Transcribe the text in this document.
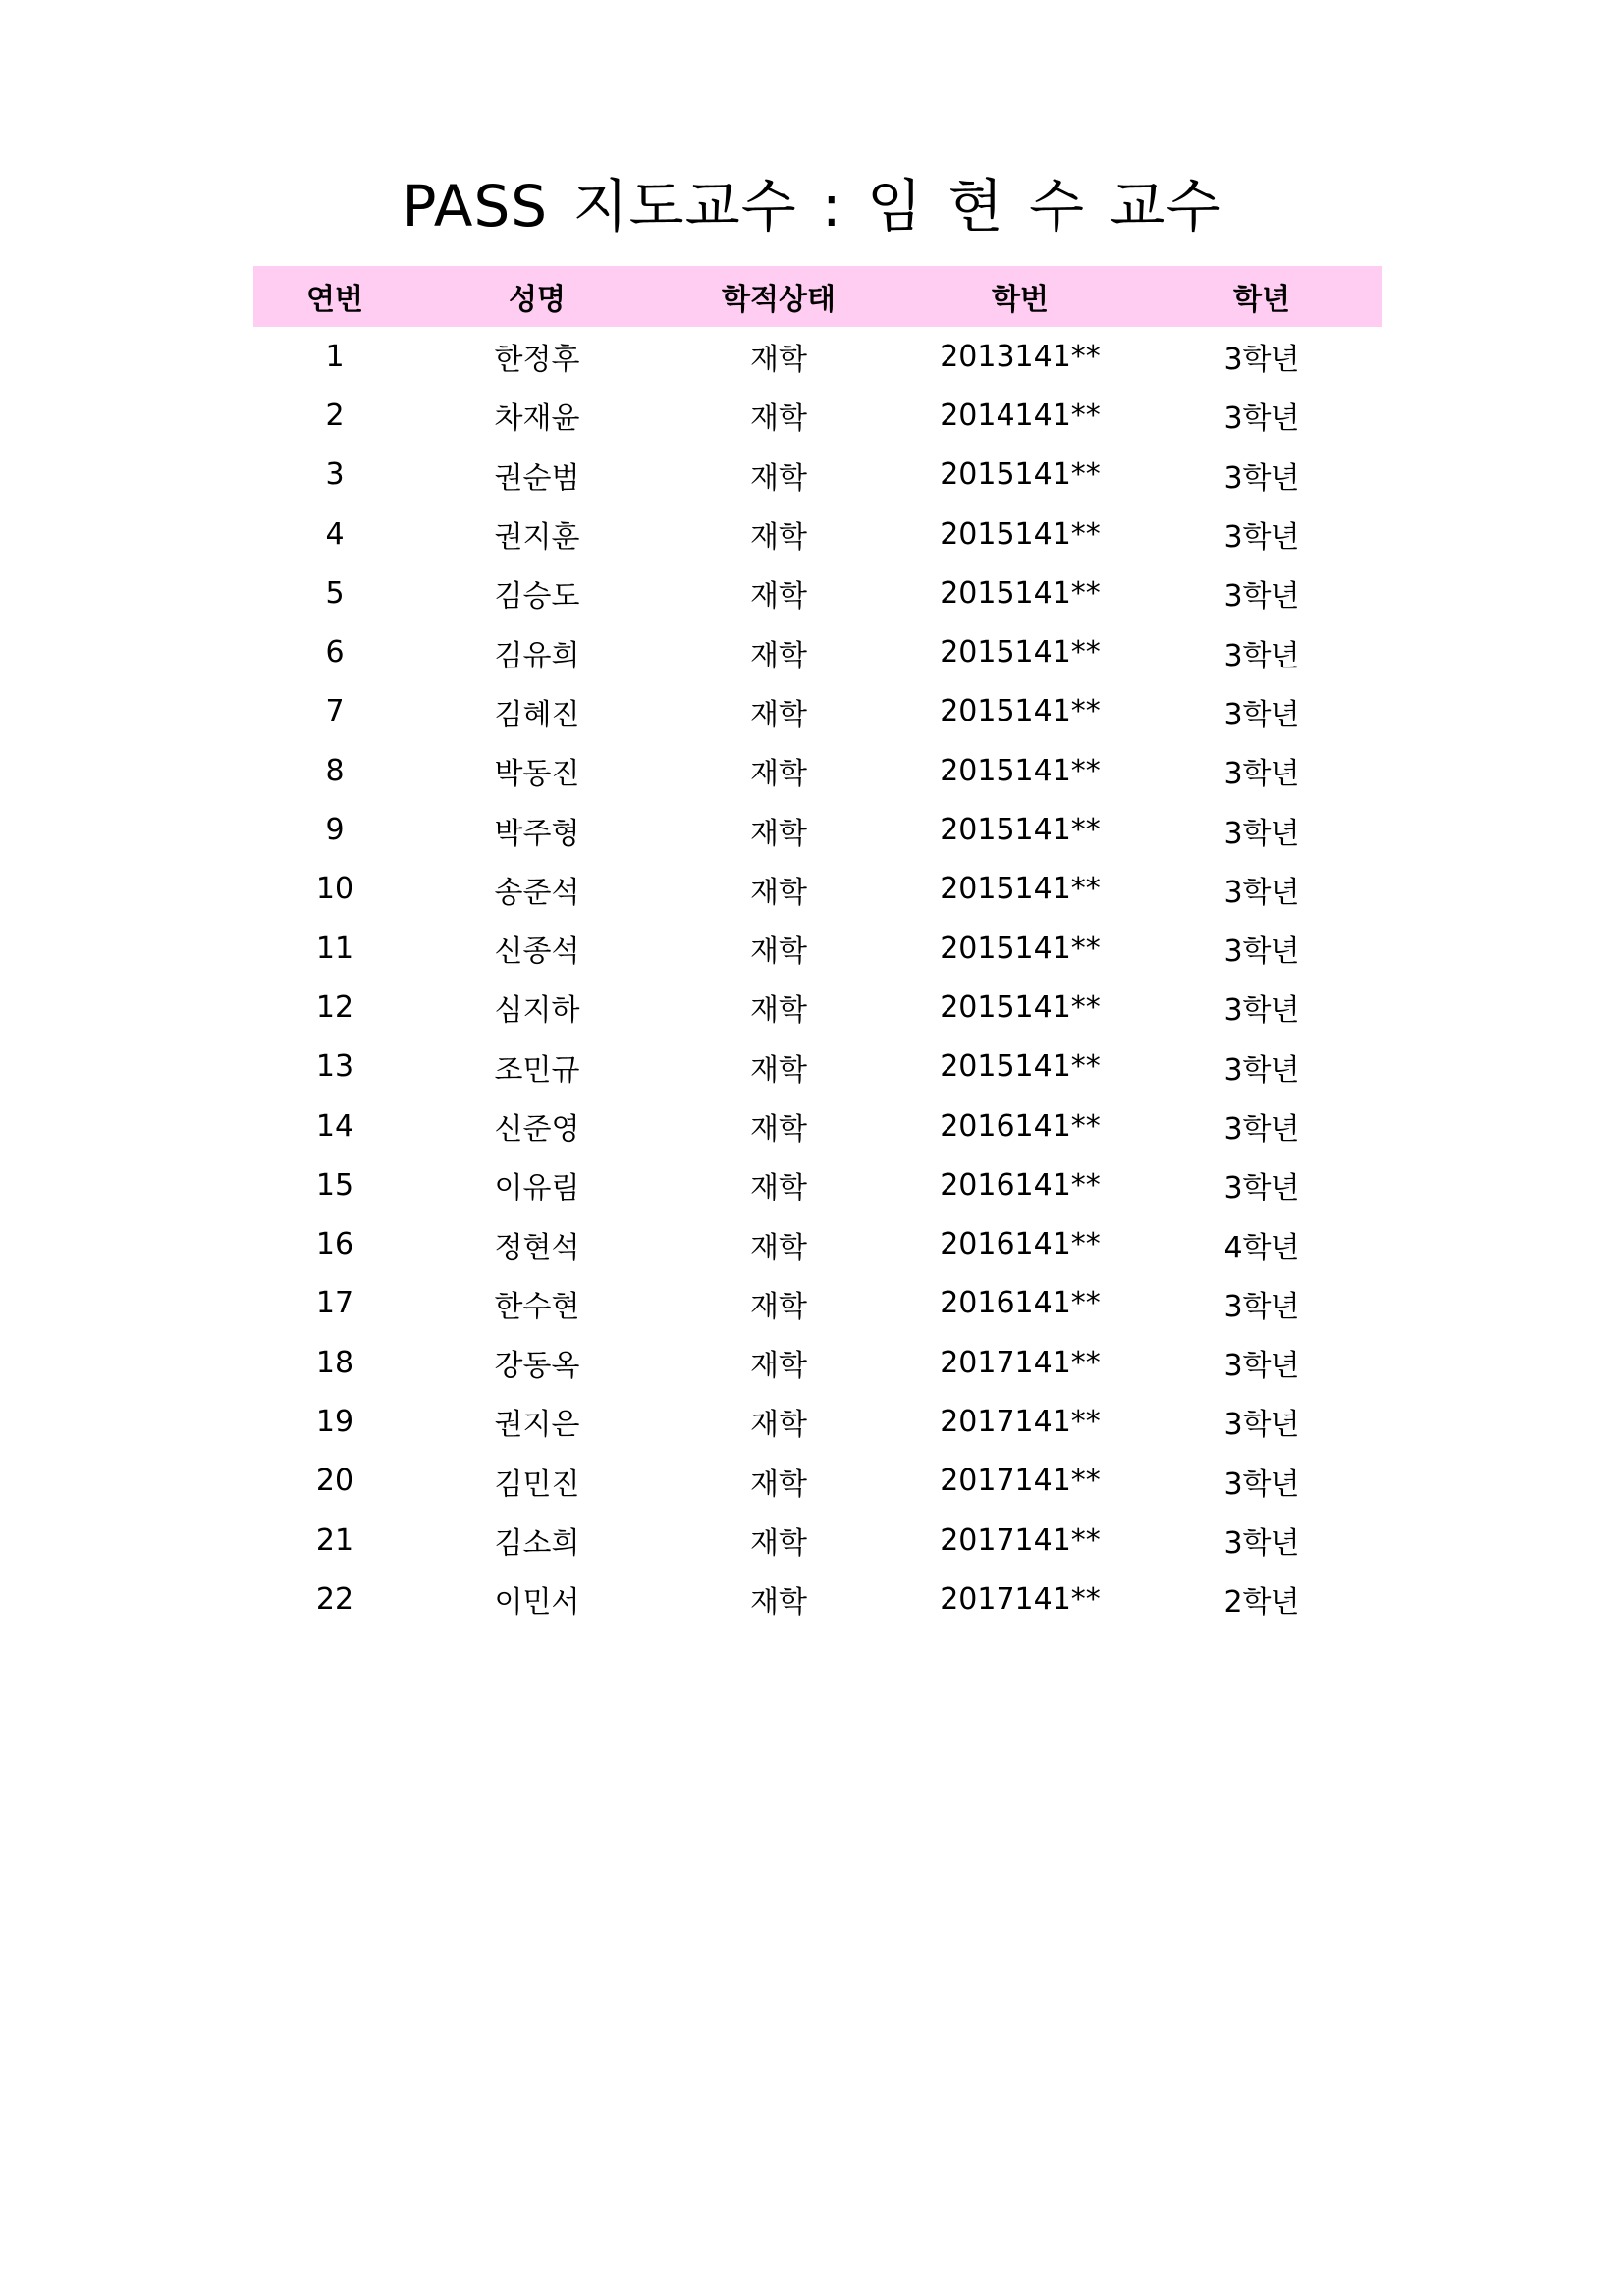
PASS 지도교수 : 임 현 수 교수
연번	성명	학적상태	학번	학년
1	한정후	재학	2013141**	3학년
2	차재윤	재학	2014141**	3학년
3	권순범	재학	2015141**	3학년
4	권지훈	재학	2015141**	3학년
5	김승도	재학	2015141**	3학년
6	김유희	재학	2015141**	3학년
7	김혜진	재학	2015141**	3학년
8	박동진	재학	2015141**	3학년
9	박주형	재학	2015141**	3학년
10	송준석	재학	2015141**	3학년
11	신종석	재학	2015141**	3학년
12	심지하	재학	2015141**	3학년
13	조민규	재학	2015141**	3학년
14	신준영	재학	2016141**	3학년
15	이유림	재학	2016141**	3학년
16	정현석	재학	2016141**	4학년
17	한수현	재학	2016141**	3학년
18	강동옥	재학	2017141**	3학년
19	권지은	재학	2017141**	3학년
20	김민진	재학	2017141**	3학년
21	김소희	재학	2017141**	3학년
22	이민서	재학	2017141**	2학년
